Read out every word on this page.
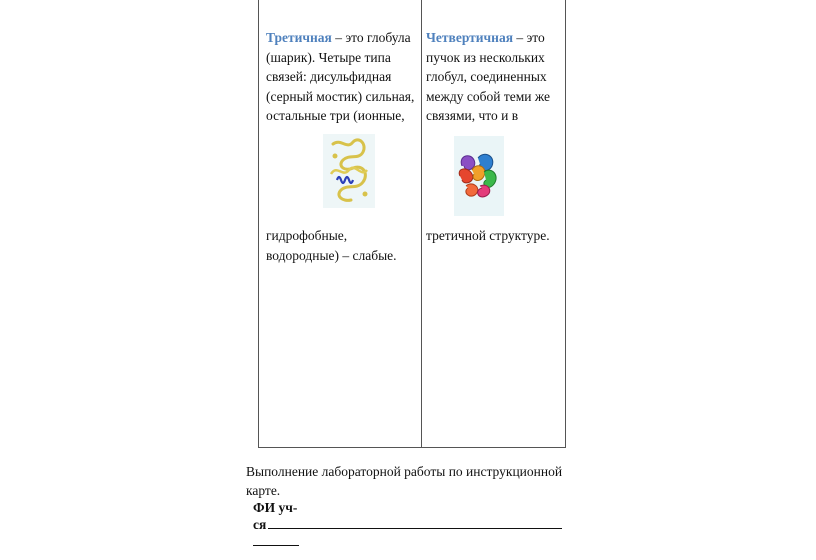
Третичная – это глобула (шарик). Четыре типа связей: дисульфидная (серный мостик) сильная, остальные три (ионные,
Четвертичная – это пучок из нескольких глобул, соединенных между собой теми же связями, что и в
гидрофобные, водородные) – слабые.
третичной структуре.
Выполнение лабораторной работы по инструкционной карте.
ФИ уч-
ся
